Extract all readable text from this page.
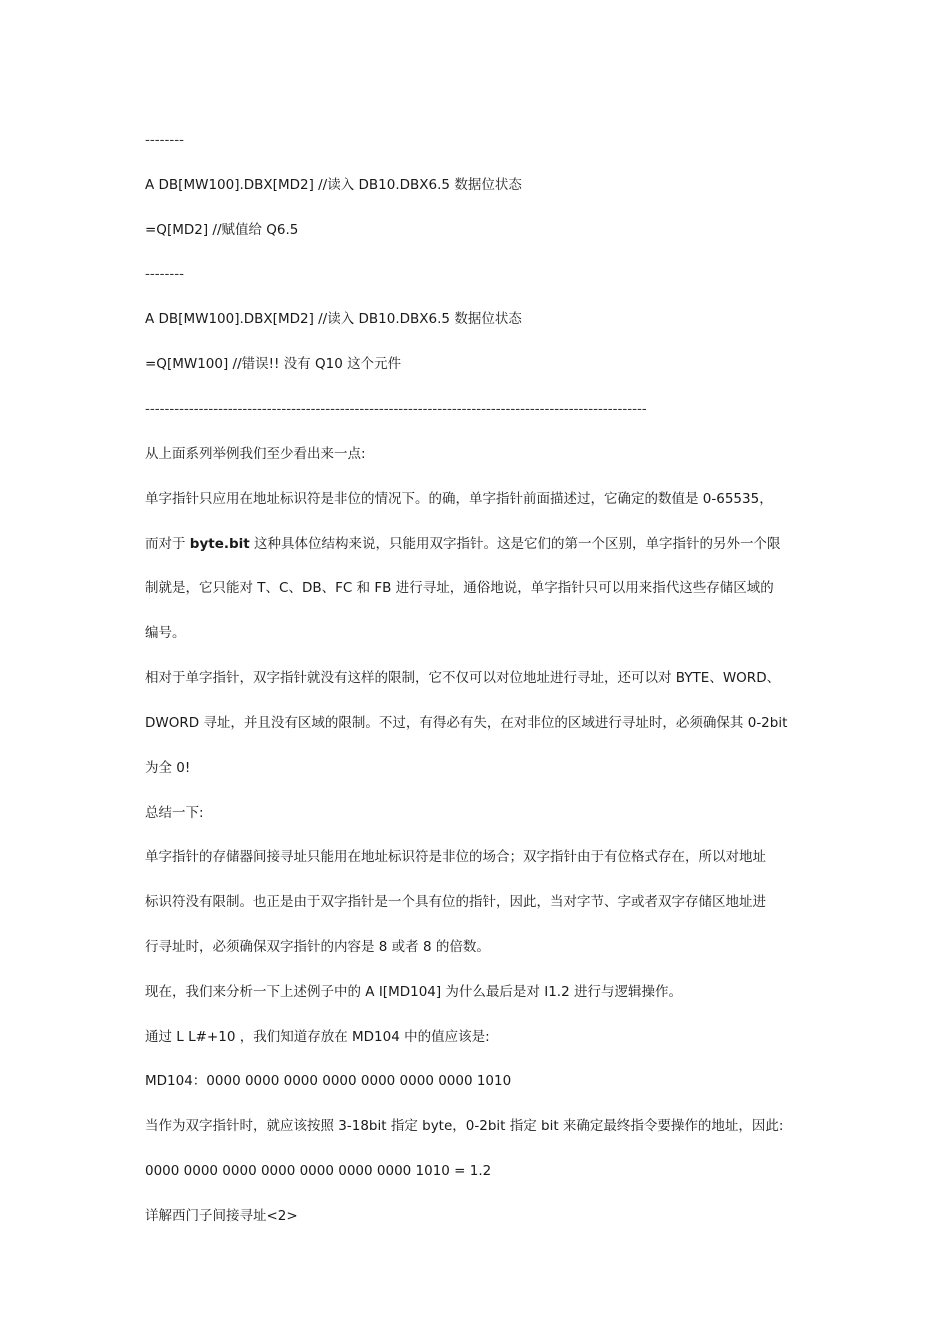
--------
A DB[MW100].DBX[MD2] //读入 DB10.DBX6.5 数据位状态
=Q[MD2] //赋值给 Q6.5
--------
A DB[MW100].DBX[MD2] //读入 DB10.DBX6.5 数据位状态
=Q[MW100] //错误!! 没有 Q10 这个元件
-------------------------------------------------------------------------------------------------------
从上面系列举例我们至少看出来一点:
单字指针只应用在地址标识符是非位的情况下。的确，单字指针前面描述过，它确定的数值是 0-65535，
而对于 byte.bit 这种具体位结构来说，只能用双字指针。这是它们的第一个区别，单字指针的另外一个限
制就是，它只能对 T、C、DB、FC 和 FB 进行寻址，通俗地说，单字指针只可以用来指代这些存储区域的
编号。
相对于单字指针，双字指针就没有这样的限制，它不仅可以对位地址进行寻址，还可以对 BYTE、WORD、
DWORD 寻址，并且没有区域的限制。不过，有得必有失，在对非位的区域进行寻址时，必须确保其 0-2bit
为全 0!
总结一下:
单字指针的存储器间接寻址只能用在地址标识符是非位的场合；双字指针由于有位格式存在，所以对地址
标识符没有限制。也正是由于双字指针是一个具有位的指针，因此，当对字节、字或者双字存储区地址进
行寻址时，必须确保双字指针的内容是 8 或者 8 的倍数。
现在，我们来分析一下上述例子中的 A I[MD104] 为什么最后是对 I1.2 进行与逻辑操作。
通过 L L#+10 ，我们知道存放在 MD104 中的值应该是:
MD104：0000 0000 0000 0000 0000 0000 0000 1010
当作为双字指针时，就应该按照 3-18bit 指定 byte，0-2bit 指定 bit 来确定最终指令要操作的地址，因此:
0000 0000 0000 0000 0000 0000 0000 1010 = 1.2
详解西门子间接寻址<2>
